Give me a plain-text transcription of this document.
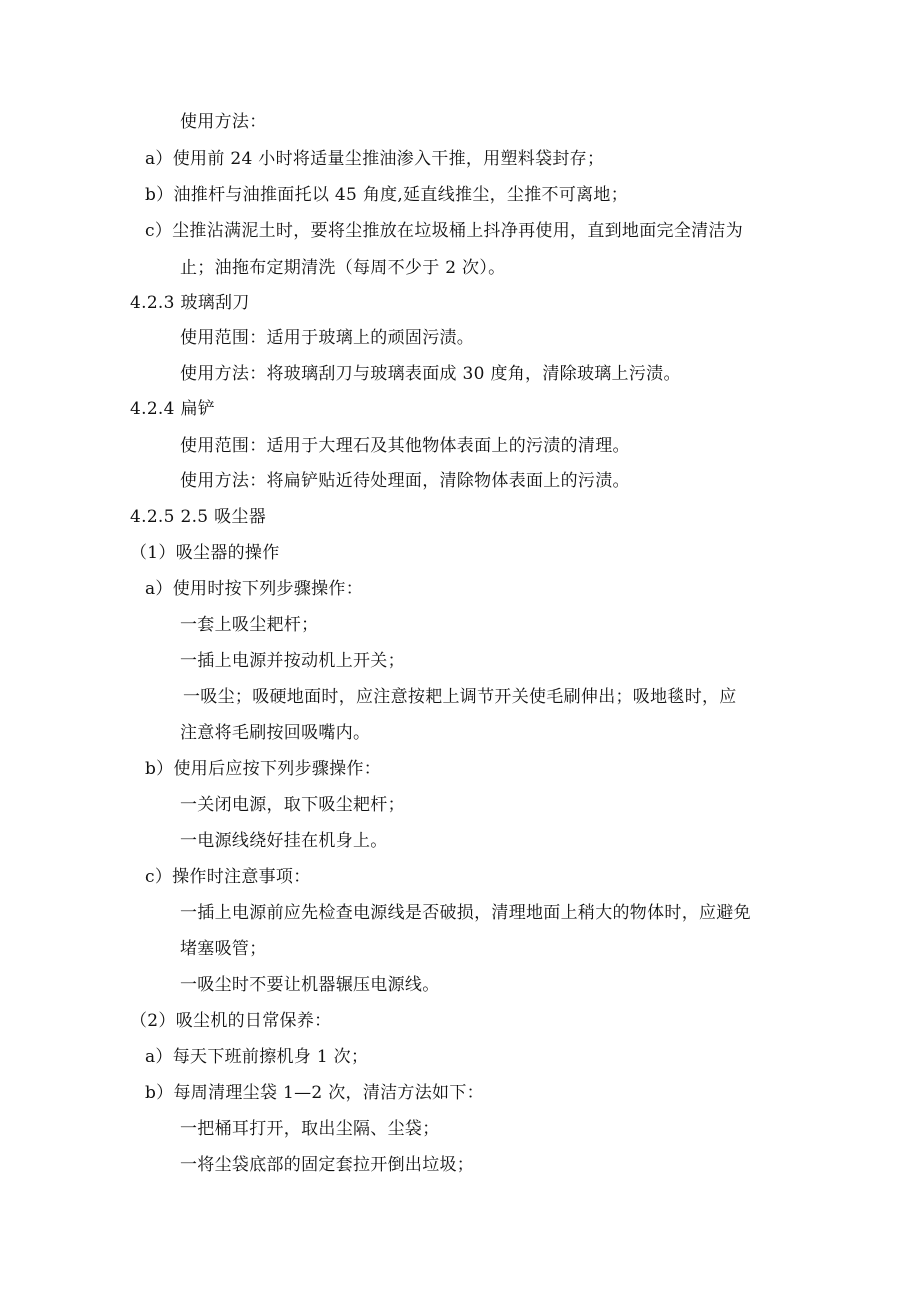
使用方法：
a）使用前 24 小时将适量尘推油渗入干推，用塑料袋封存；
b）油推杆与油推面托以 45 角度,延直线推尘，尘推不可离地；
c）尘推沾满泥土时，要将尘推放在垃圾桶上抖净再使用，直到地面完全清洁为
止；油拖布定期清洗（每周不少于 2 次）。
4.2.3 玻璃刮刀
使用范围：适用于玻璃上的顽固污渍。
使用方法：将玻璃刮刀与玻璃表面成 30 度角，清除玻璃上污渍。
4.2.4 扁铲
使用范围：适用于大理石及其他物体表面上的污渍的清理。
使用方法：将扁铲贴近待处理面，清除物体表面上的污渍。
4.2.5 2.5 吸尘器
（1）吸尘器的操作
a）使用时按下列步骤操作：
一套上吸尘耙杆；
一插上电源并按动机上开关；
一吸尘；吸硬地面时，应注意按耙上调节开关使毛刷伸出；吸地毯时，应
注意将毛刷按回吸嘴内。
b）使用后应按下列步骤操作：
一关闭电源，取下吸尘耙杆；
一电源线绕好挂在机身上。
c）操作时注意事项：
一插上电源前应先检查电源线是否破损，清理地面上稍大的物体时，应避免
堵塞吸管；
一吸尘时不要让机器辗压电源线。
（2）吸尘机的日常保养：
a）每天下班前擦机身 1 次；
b）每周清理尘袋 1—2 次，清洁方法如下：
一把桶耳打开，取出尘隔、尘袋；
一将尘袋底部的固定套拉开倒出垃圾；
